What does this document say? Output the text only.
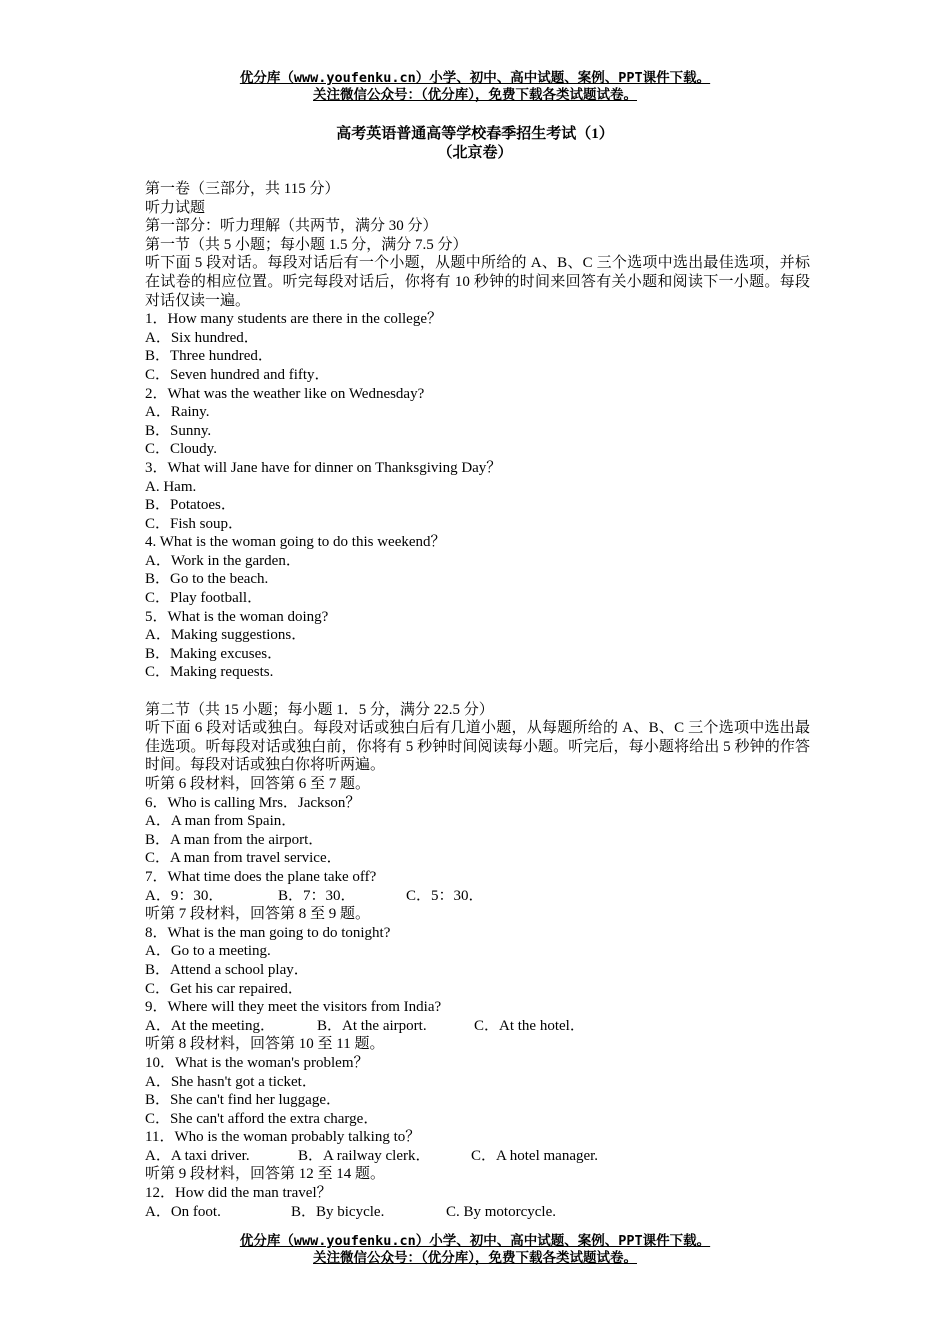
优分库（www.youfenku.cn）小学、初中、高中试题、案例、PPT课件下载。
关注微信公众号：（优分库），免费下载各类试题试卷。
高考英语普通高等学校春季招生考试（1）
（北京卷）
第一卷（三部分，共 115 分）
听力试题
第一部分：听力理解（共两节，满分 30 分）
第一节（共 5 小题；每小题 1.5 分，满分 7.5 分）
听下面 5 段对话。每段对话后有一个小题，从题中所给的 A、B、C 三个选项中选出最佳选项，并标在试卷的相应位置。听完每段对话后，你将有 10 秒钟的时间来回答有关小题和阅读下一小题。每段对话仅读一遍。
1．How many students are there in the college？
A．Six hundred．
B．Three hundred．
C．Seven hundred and fifty．
2．What was the weather like on Wednesday?
A．Rainy.
B．Sunny.
C．Cloudy.
3．What will Jane have for dinner on Thanksgiving Day？
A. Ham.
B．Potatoes．
C．Fish soup．
4. What is the woman going to do this weekend？
A．Work in the garden．
B．Go to the beach.
C．Play football．
5．What is the woman doing?
A．Making suggestions．
B．Making excuses．
C．Making requests.
第二节（共 15 小题；每小题 1．5 分，满分 22.5 分）
听下面 6 段对话或独白。每段对话或独白后有几道小题，从每题所给的 A、B、C 三个选项中选出最佳选项。听每段对话或独白前，你将有 5 秒钟时间阅读每小题。听完后，每小题将给出 5 秒钟的作答时间。每段对话或独白你将听两遍。
听第 6 段材料，回答第 6 至 7 题。
6．Who is calling Mrs．Jackson？
A．A man from Spain．
B．A man from the airport．
C．A man from travel service．
7．What time does the plane take off?
A．9：30．	B．7：30．	C．5：30．
听第 7 段材料，回答第 8 至 9 题。
8．What is the man going to do tonight?
A．Go to a meeting.
B．Attend a school play．
C．Get his car repaired．
9．Where will they meet the visitors from India?
A．At the meeting．	B．At the airport.	C．At the hotel．
听第 8 段材料，回答第 10 至 11 题。
10．What is the woman's problem？
A．She hasn't got a ticket．
B．She can't find her luggage．
C．She can't afford the extra charge．
11．Who is the woman probably talking to？
A．A taxi driver.	B．A railway clerk．	C．A hotel manager.
听第 9 段材料，回答第 12 至 14 题。
12．How did the man travel？
A．On foot.	B．By bicycle.	C. By motorcycle.
优分库（www.youfenku.cn）小学、初中、高中试题、案例、PPT课件下载。
关注微信公众号：（优分库），免费下载各类试题试卷。
